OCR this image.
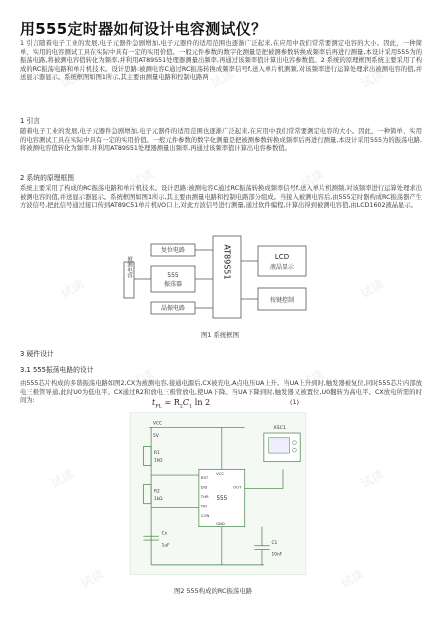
用555定时器如何设计电容测试仪？
1 引言随着电子工业的发展,电子元器件急剧增加,电子元器件的适用范围也逐渐广泛起来,在应用中我们常常要测定电容的大小。因此，一种简单、实用的电容测试工具在实际中具有一定的实用价值。一般元件参数的数字化测量是把被测参数转换成频率后再进行测量,本设计采用555为的振荡电路,将被测电容值转化为频率,并利用AT89S51处理器测量出频率,再通过该频率值计算出电容参数值。2 系统的原理框图系统主要采用了构成的RC振荡电路和单片机技术。设计思路:被测电容C通过RC振荡转换成频率信号f,送入单片机测频,对该频率进行运算处理求出被测电容的值,并送显示器显示。系统框图如图1所示,其主要由测量电路和控制电路两
1 引言
随着电子工业的发展,电子元器件急剧增加,电子元器件的适用范围也逐渐广泛起来,在应用中我们常常要测定电容的大小。因此，一种简单、实用的电容测试工具在实际中具有一定的实用价值。一般元件参数的数字化测量是把被测参数转换成频率后再进行测量,本设计采用555为的振荡电路,将被测电容值转化为频率,并利用AT89S51处理器测量出频率,再通过该频率值计算出电容参数值。
2 系统的原理框图
系统主要采用了构成的RC振荡电路和单片机技术。设计思路:被测电容C通过RC振荡转换成频率信号f,送入单片机测频,对该频率进行运算处理求出被测电容的值,并送显示器显示。系统框图如图1所示,其主要由测量电路和控制电路部分组成。当接入被测电容后,由555定时器构成RC振荡器产生方波信号,把此信号通过接口传到AT89C51单片机I/O口上,对此方波信号进行测量,通过软件编程,计算出得到被测电容值,由LCD1602液晶显示。
被测电容
复位电路
555
振荡器
晶振电路
AT89S51	LCD
液晶显示
按键控制
图1 系统框图
3 硬件设计
3.1 555振荡电路的设计
由555芯片构成的多谐振荡电路如图2,CX为被测电容,接通电源后,CX被充电,A点电压UA上升。当UA上升到时,触发器被复位,同时555芯片内部放电三极管导通,此时U0为低电平。CX通过R2和放电三极管放电,使UA下降。当UA下降到时,触发器又被置位,U0翻转为高电平。CX放电所需的时间为:	$t_{PL} = R_2C_1$ ln 2	(1)
XSC1
VCC
5V
R1
1kΩ
R2
1kΩ
Cx
1uF
C1
10nF
555
RST
DIS
THR
TRI
CON
GND
OUT
VCC
图2 555构成的RC振荡电路
试读	试读	试读
试读	试读
试读	试读
试读	试读
试读	试读
试读	试读
